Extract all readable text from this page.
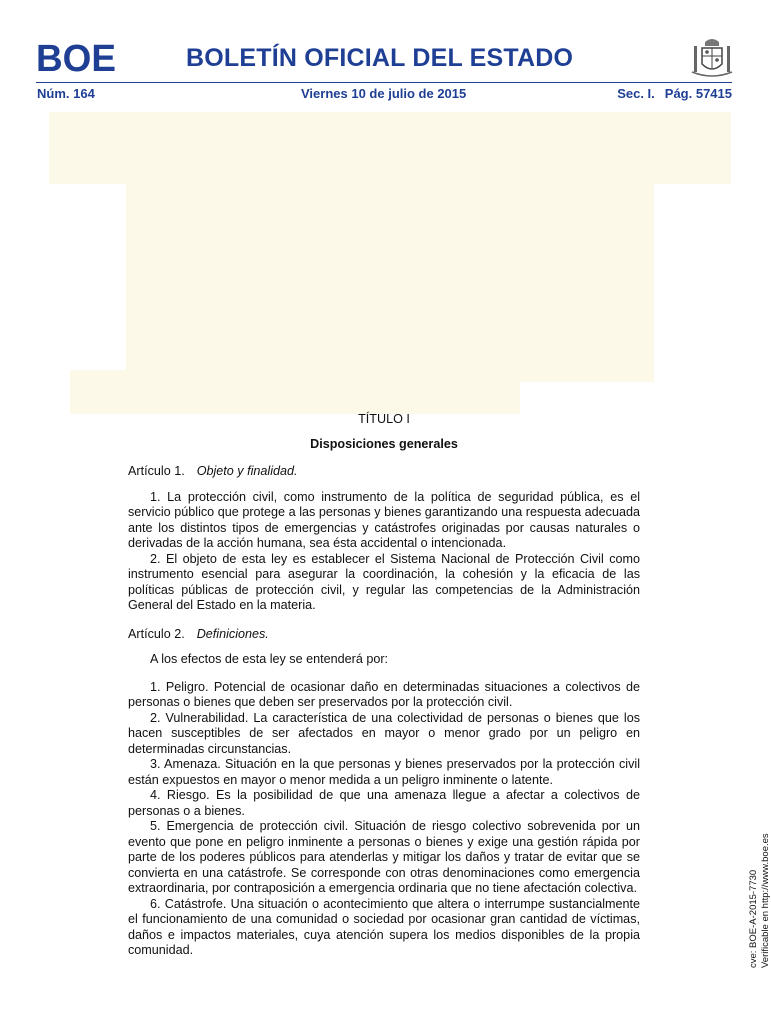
BOE	BOLETÍN OFICIAL DEL ESTADO
Núm. 164	Viernes 10 de julio de 2015	Sec. I. Pág. 57415
TÍTULO I
Disposiciones generales
Artículo 1. Objeto y finalidad.

1. La protección civil, como instrumento de la política de seguridad pública, es el servicio público que protege a las personas y bienes garantizando una respuesta adecuada ante los distintos tipos de emergencias y catástrofes originadas por causas naturales o derivadas de la acción humana, sea ésta accidental o intencionada.

2. El objeto de esta ley es establecer el Sistema Nacional de Protección Civil como instrumento esencial para asegurar la coordinación, la cohesión y la eficacia de las políticas públicas de protección civil, y regular las competencias de la Administración General del Estado en la materia.

Artículo 2. Definiciones.

A los efectos de esta ley se entenderá por:

1. Peligro. Potencial de ocasionar daño en determinadas situaciones a colectivos de personas o bienes que deben ser preservados por la protección civil.

2. Vulnerabilidad. La característica de una colectividad de personas o bienes que los hacen susceptibles de ser afectados en mayor o menor grado por un peligro en determinadas circunstancias.

3. Amenaza. Situación en la que personas y bienes preservados por la protección civil están expuestos en mayor o menor medida a un peligro inminente o latente.

4. Riesgo. Es la posibilidad de que una amenaza llegue a afectar a colectivos de personas o a bienes.

5. Emergencia de protección civil. Situación de riesgo colectivo sobrevenida por un evento que pone en peligro inminente a personas o bienes y exige una gestión rápida por parte de los poderes públicos para atenderlas y mitigar los daños y tratar de evitar que se convierta en una catástrofe. Se corresponde con otras denominaciones como emergencia extraordinaria, por contraposición a emergencia ordinaria que no tiene afectación colectiva.

6. Catástrofe. Una situación o acontecimiento que altera o interrumpe sustancialmente el funcionamiento de una comunidad o sociedad por ocasionar gran cantidad de víctimas, daños e impactos materiales, cuya atención supera los medios disponibles de la propia comunidad.	cve: BOE-A-2015-7730 Verificable en http://www.boe.es
